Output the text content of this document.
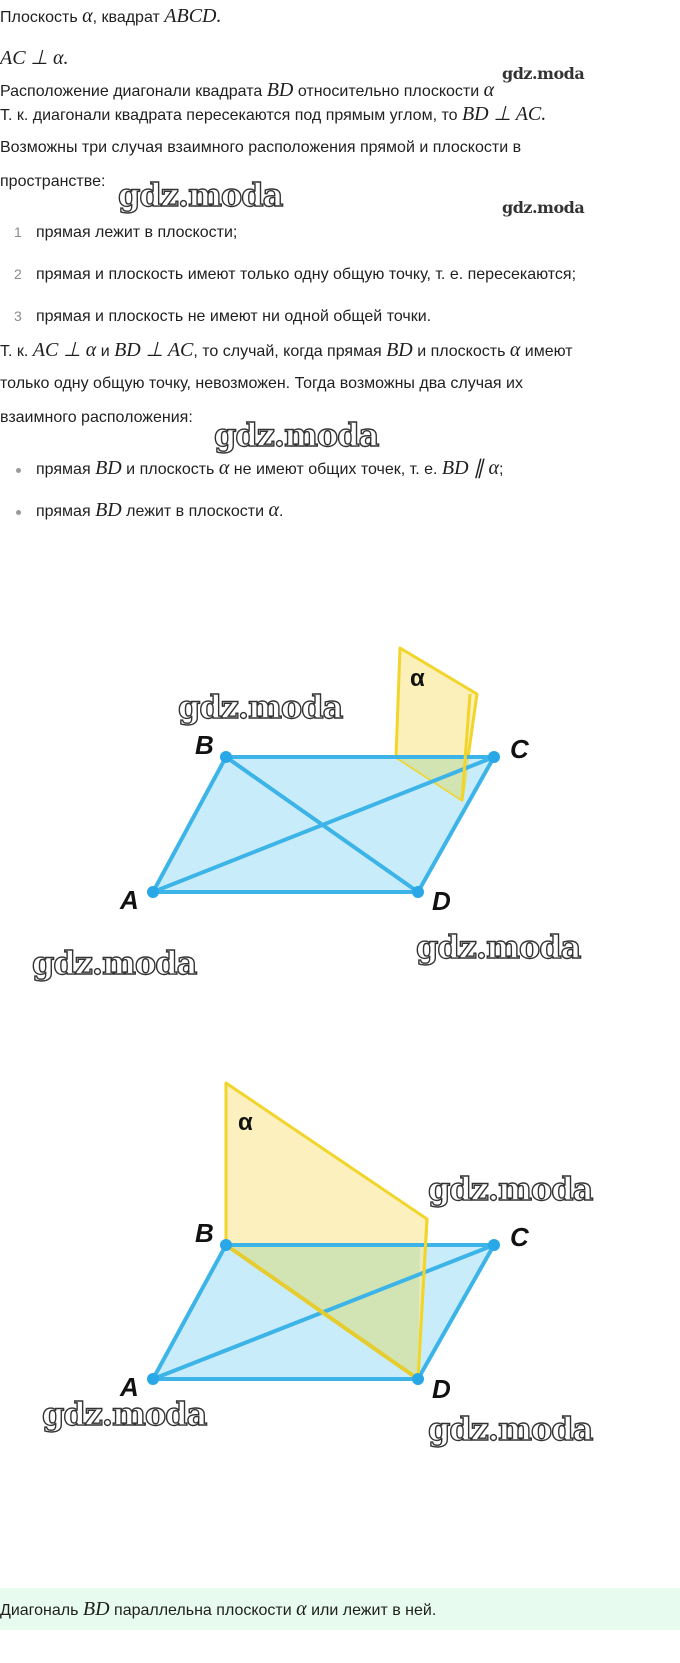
Плоскость α, квадрат ABCD.
AC ⊥ α.
Расположение диагонали квадрата BD относительно плоскости α
gdz.moda
Т. к. диагонали квадрата пересекаются под прямым углом, то BD ⊥ AC.
Возможны три случая взаимного расположения прямой и плоскости в
пространстве: gdz.moda	gdz.moda
1 прямая лежит в плоскости;
2 прямая и плоскость имеют только одну общую точку, т. е. пересекаются;
3 прямая и плоскость не имеют ни одной общей точки.
Т. к. AC ⊥ α и BD ⊥ AC, то случай, когда прямая BD и плоскость α имеют
только одну общую точку, невозможен. Тогда возможны два случая их
взаимного расположения: gdz.moda
прямая BD и плоскость α не имеют общих точек, т. е. BD ∥ α;
прямая BD лежит в плоскости α.
A
B	C
D
α
gdz.moda
gdz.moda	gdz.moda
A
B	C
D
α
gdz.moda
gdz.moda	gdz.moda
Диагональ BD параллельна плоскости α или лежит в ней.
